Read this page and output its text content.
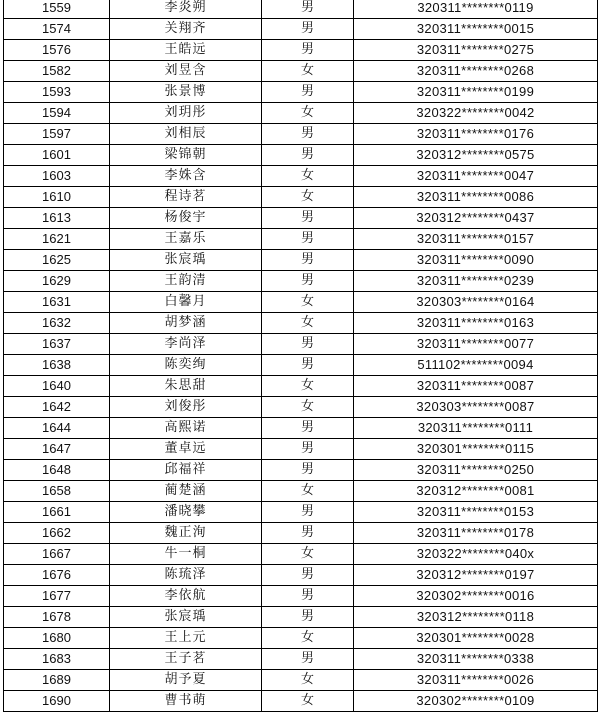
1559	李炎朔	男	320311********0119
1574	关翔齐	男	320311********0015
1576	王皓远	男	320311********0275
1582	刘昱含	女	320311********0268
1593	张景博	男	320311********0199
1594	刘玥彤	女	320322********0042
1597	刘相辰	男	320311********0176
1601	梁锦朝	男	320312********0575
1603	李姝含	女	320311********0047
1610	程诗茗	女	320311********0086
1613	杨俊宇	男	320312********0437
1621	王嘉乐	男	320311********0157
1625	张宸瑀	男	320311********0090
1629	王韵清	男	320311********0239
1631	白馨月	女	320303********0164
1632	胡梦涵	女	320311********0163
1637	李尚泽	男	320311********0077
1638	陈奕绚	男	511102********0094
1640	朱思甜	女	320311********0087
1642	刘俊彤	女	320303********0087
1644	高熙诺	男	320311********0111
1647	董卓远	男	320301********0115
1648	邱福祥	男	320311********0250
1658	蔺楚涵	女	320312********0081
1661	潘晓攀	男	320311********0153
1662	魏正洵	男	320311********0178
1667	牛一桐	女	320322********040x
1676	陈琉泽	男	320312********0197
1677	李依航	男	320302********0016
1678	张宸瑀	男	320312********0118
1680	王上元	女	320301********0028
1683	王子茗	男	320311********0338
1689	胡予夏	女	320311********0026
1690	曹书萌	女	320302********0109
